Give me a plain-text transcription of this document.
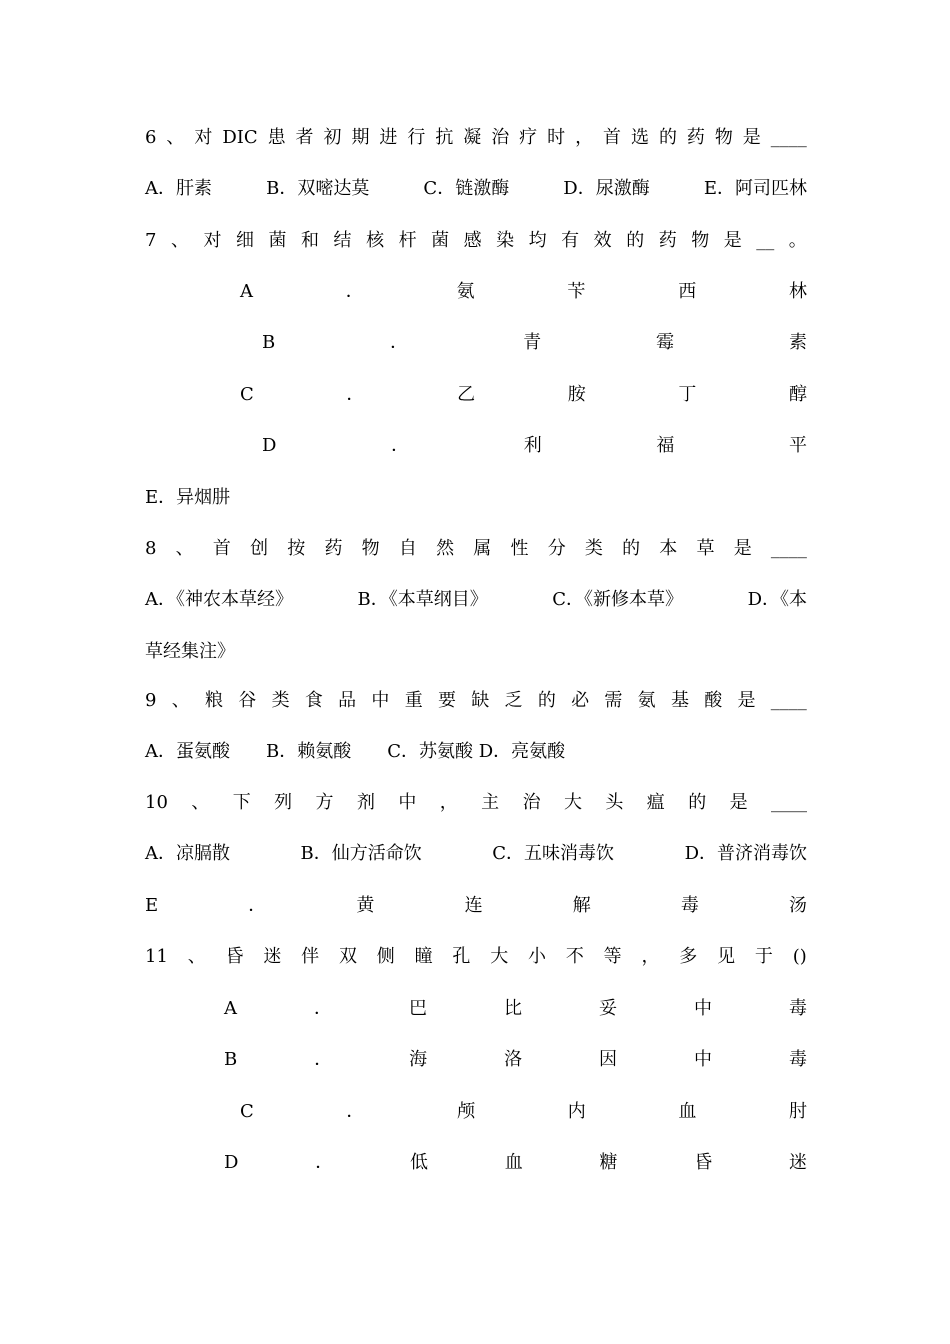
6 、 对 DIC 患 者 初 期 进 行 抗 凝 治 疗 时 ， 首 选 的 药 物 是 ____
A．肝素	B．双嘧达莫	C．链激酶	D．尿激酶	E．阿司匹林
7 、 对 细 菌 和 结 核 杆 菌 感 染 均 有 效 的 药 物 是 __ 。
A	．	氨	苄	西	林
B	．	青	霉	素
C	．	乙	胺	丁	醇
D	．	利	福	平
E．异烟肼
8 、 首 创 按 药 物 自 然 属 性 分 类 的 本 草 是 ____
A．《神农本草经》	B．《本草纲目》	C．《新修本草》	D．《本
草经集注》
9 、 粮 谷 类 食 品 中 重 要 缺 乏 的 必 需 氨 基 酸 是 ____
A．蛋氨酸 B．赖氨酸 C．苏氨酸 D．亮氨酸
10 、 下 列 方 剂 中 ， 主 治 大 头 瘟 的 是 ____
A．凉膈散	B．仙方活命饮	C．五味消毒饮	D．普济消毒饮
E	．	黄	连	解	毒	汤
11 、 昏 迷 伴 双 侧 瞳 孔 大 小 不 等 ， 多 见 于 ()
A	．	巴	比	妥	中	毒
B	．	海	洛	因	中	毒
C	．	颅	内	血	肘
D	．	低	血	糖	昏	迷
